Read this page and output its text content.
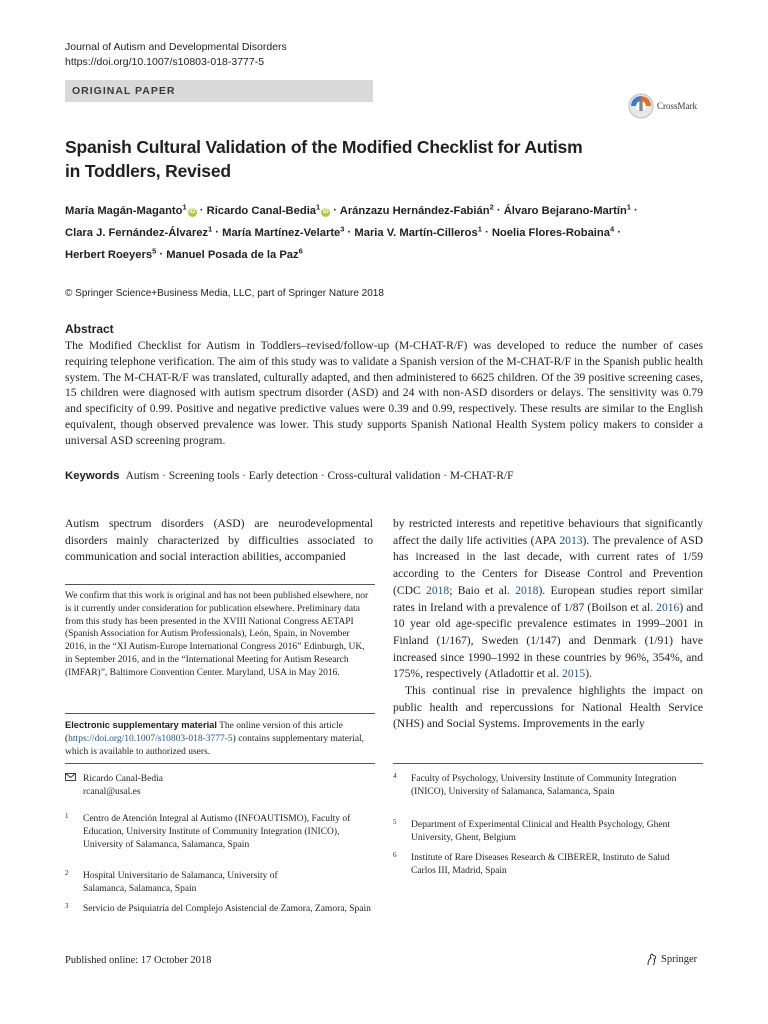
Journal of Autism and Developmental Disorders
https://doi.org/10.1007/s10803-018-3777-5
ORIGINAL PAPER
CrossMark
Spanish Cultural Validation of the Modified Checklist for Autism
in Toddlers, Revised
María Magán-Maganto$^1$iD · Ricardo Canal-Bedia$^1$iD · Aránzazu Hernández-Fabián$^2$ · Álvaro Bejarano-Martín$^1$ ·
Clara J. Fernández-Álvarez$^1$ · María Martínez-Velarte$^3$ · Maria V. Martín-Cilleros$^1$ · Noelia Flores-Robaina$^4$ ·
Herbert Roeyers$^5$ · Manuel Posada de la Paz$^6$
© Springer Science+Business Media, LLC, part of Springer Nature 2018
Abstract
The Modified Checklist for Autism in Toddlers–revised/follow-up (M-CHAT-R/F) was developed to reduce the number of cases requiring telephone verification. The aim of this study was to validate a Spanish version of the M-CHAT-R/F in the Spanish public health system. The M-CHAT-R/F was translated, culturally adapted, and then administered to 6625 children. Of the 39 positive screening cases, 15 children were diagnosed with autism spectrum disorder (ASD) and 24 with non-ASD disorders or delays. The sensitivity was 0.79 and specificity of 0.99. Positive and negative predictive values were 0.39 and 0.99, respectively. These results are similar to the English equivalent, though observed prevalence was lower. This study supports Spanish National Health System policy makers to consider a universal ASD screening program.
Keywords Autism · Screening tools · Early detection · Cross-cultural validation · M-CHAT-R/F
Autism spectrum disorders (ASD) are neurodevelopmental disorders mainly characterized by difficulties associated to communication and social interaction abilities, accompanied
We confirm that this work is original and has not been published elsewhere, nor is it currently under consideration for publication elsewhere. Preliminary data from this study has been presented in the XVIII National Congress AETAPI (Spanish Association for Autism Professionals), León, Spain, in November 2016, in the “XI Autism-Europe International Congress 2016” Edinburgh, UK, in September 2016, and in the “International Meeting for Autism Research (IMFAR)”, Baltimore Convention Center. Maryland, USA in May 2016.
Electronic supplementary material The online version of this article (https://doi.org/10.1007/s10803-018-3777-5) contains supplementary material, which is available to authorized users.
Ricardo Canal-Bedia
rcanal@usal.es
1 Centro de Atención Integral al Autismo (INFOAUTISMO), Faculty of Education, University Institute of Community Integration (INICO), University of Salamanca, Salamanca, Spain
2 Hospital Universitario de Salamanca, University of Salamanca, Salamanca, Spain
3 Servicio de Psiquiatría del Complejo Asistencial de Zamora, Zamora, Spain

by restricted interests and repetitive behaviours that significantly affect the daily life activities (APA 2013). The prevalence of ASD has increased in the last decade, with current rates of 1/59 according to the Centers for Disease Control and Prevention (CDC 2018; Baio et al. 2018). European studies report similar rates in Ireland with a prevalence of 1/87 (Boilson et al. 2016) and 10 year old age-specific prevalence estimates in 1999–2001 in Finland (1/167), Sweden (1/147) and Denmark (1/91) have increased since 1990–1992 in these countries by 96%, 354%, and 175%, respectively (Atladottir et al. 2015).

This continual rise in prevalence highlights the impact on public health and repercussions for National Health Service (NHS) and Social Systems. Improvements in the early

4 Faculty of Psychology, University Institute of Community Integration (INICO), University of Salamanca, Salamanca, Spain
5 Department of Experimental Clinical and Health Psychology, Ghent University, Ghent, Belgium
6 Institute of Rare Diseases Research & CIBERER, Instituto de Salud Carlos III, Madrid, Spain
Published online: 17 October 2018	Springer
